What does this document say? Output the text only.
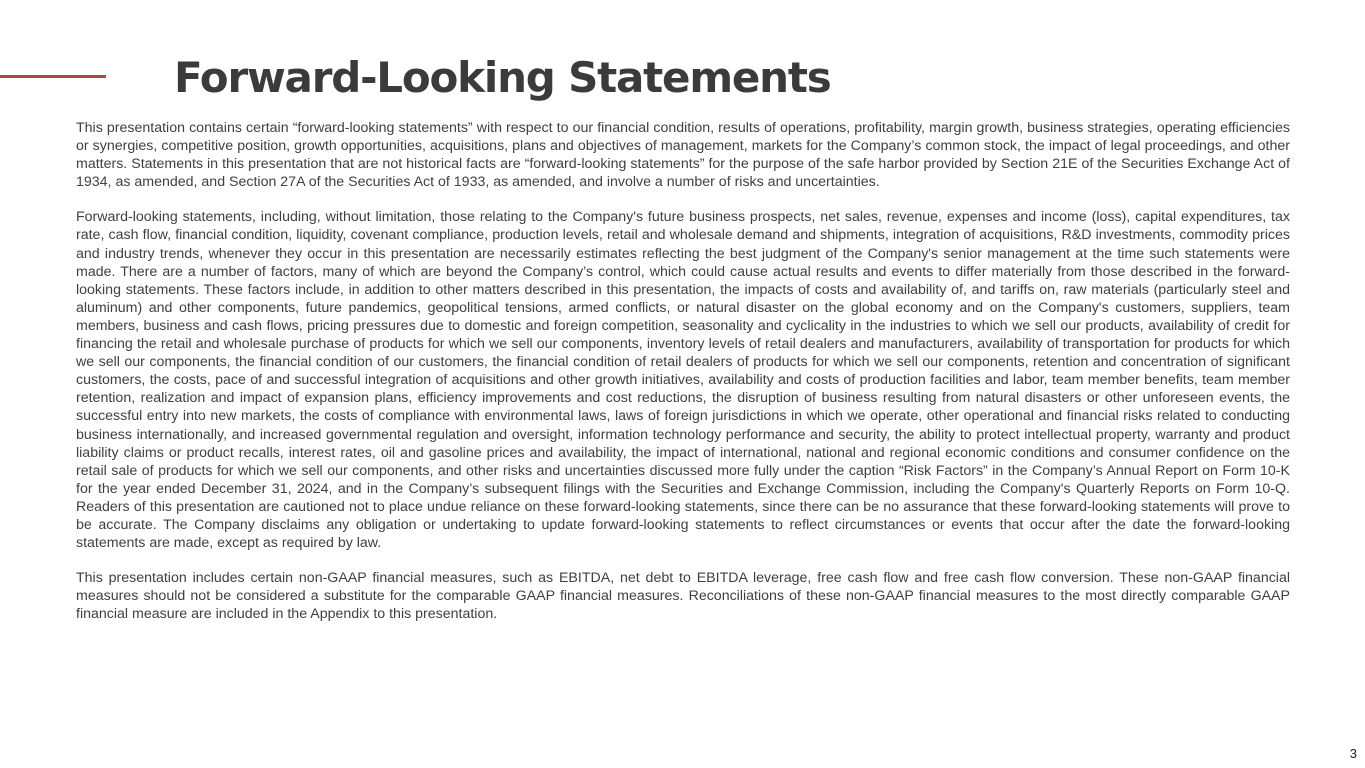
Forward-Looking Statements

This presentation contains certain “forward-looking statements” with respect to our financial condition, results of operations, profitability, margin growth, business strategies, operating efficiencies or synergies, competitive position, growth opportunities, acquisitions, plans and objectives of management, markets for the Company’s common stock, the impact of legal proceedings, and other matters. Statements in this presentation that are not historical facts are “forward-looking statements” for the purpose of the safe harbor provided by Section 21E of the Securities Exchange Act of 1934, as amended, and Section 27A of the Securities Act of 1933, as amended, and involve a number of risks and uncertainties.

Forward-looking statements, including, without limitation, those relating to the Company's future business prospects, net sales, revenue, expenses and income (loss), capital expenditures, tax rate, cash flow, financial condition, liquidity, covenant compliance, production levels, retail and wholesale demand and shipments, integration of acquisitions, R&D investments, commodity prices and industry trends, whenever they occur in this presentation are necessarily estimates reflecting the best judgment of the Company's senior management at the time such statements were made. There are a number of factors, many of which are beyond the Company’s control, which could cause actual results and events to differ materially from those described in the forward-looking statements. These factors include, in addition to other matters described in this presentation, the impacts of costs and availability of, and tariffs on, raw materials (particularly steel and aluminum) and other components, future pandemics, geopolitical tensions, armed conflicts, or natural disaster on the global economy and on the Company's customers, suppliers, team members, business and cash flows, pricing pressures due to domestic and foreign competition, seasonality and cyclicality in the industries to which we sell our products, availability of credit for financing the retail and wholesale purchase of products for which we sell our components, inventory levels of retail dealers and manufacturers, availability of transportation for products for which we sell our components, the financial condition of our customers, the financial condition of retail dealers of products for which we sell our components, retention and concentration of significant customers, the costs, pace of and successful integration of acquisitions and other growth initiatives, availability and costs of production facilities and labor, team member benefits, team member retention, realization and impact of expansion plans, efficiency improvements and cost reductions, the disruption of business resulting from natural disasters or other unforeseen events, the successful entry into new markets, the costs of compliance with environmental laws, laws of foreign jurisdictions in which we operate, other operational and financial risks related to conducting business internationally, and increased governmental regulation and oversight, information technology performance and security, the ability to protect intellectual property, warranty and product liability claims or product recalls, interest rates, oil and gasoline prices and availability, the impact of international, national and regional economic conditions and consumer confidence on the retail sale of products for which we sell our components, and other risks and uncertainties discussed more fully under the caption “Risk Factors” in the Company’s Annual Report on Form 10-K for the year ended December 31, 2024, and in the Company’s subsequent filings with the Securities and Exchange Commission, including the Company's Quarterly Reports on Form 10-Q. Readers of this presentation are cautioned not to place undue reliance on these forward-looking statements, since there can be no assurance that these forward-looking statements will prove to be accurate. The Company disclaims any obligation or undertaking to update forward-looking statements to reflect circumstances or events that occur after the date the forward-looking statements are made, except as required by law.

This presentation includes certain non-GAAP financial measures, such as EBITDA, net debt to EBITDA leverage, free cash flow and free cash flow conversion. These non-GAAP financial measures should not be considered a substitute for the comparable GAAP financial measures. Reconciliations of these non-GAAP financial measures to the most directly comparable GAAP financial measure are included in the Appendix to this presentation.

3
